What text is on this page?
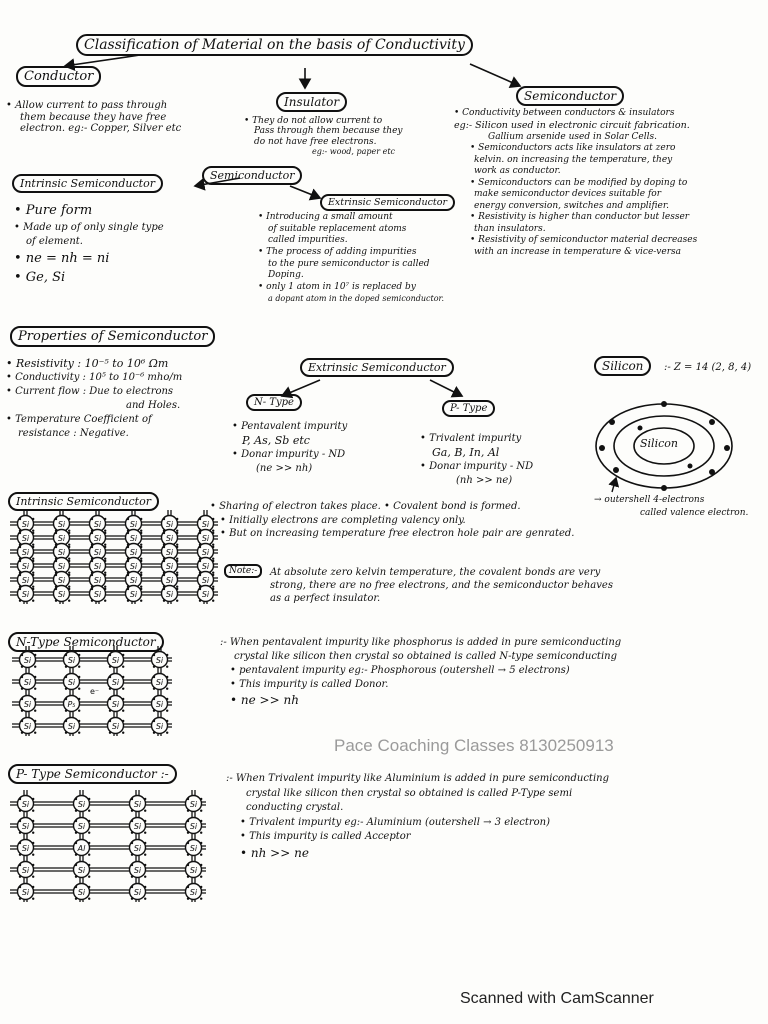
Classification of Material on the basis of Conductivity
Conductor
• Allow current to pass through
them because they have free
electron. eg:- Copper, Silver etc
Insulator
• They do not allow current to
Pass through them because they
do not have free electrons.
eg:- wood, paper etc
Semiconductor
• Conductivity between conductors & insulators
eg:- Silicon used in electronic circuit fabrication.
Gallium arsenide used in Solar Cells.
• Semiconductors acts like insulators at zero
kelvin. on increasing the temperature, they
work as conductor.
• Semiconductors can be modified by doping to
make semiconductor devices suitable for
energy conversion, switches and amplifier.
• Resistivity is higher than conductor but lesser
than insulators.
• Resistivity of semiconductor material decreases
with an increase in temperature & vice-versa
Semiconductor
Intrinsic Semiconductor
• Pure form
• Made up of only single type
of element.
• ne = nh = ni
• Ge, Si
Extrinsic Semiconductor
• Introducing a small amount
of suitable replacement atoms
called impurities.
• The process of adding impurities
to the pure semiconductor is called
Doping.
• only 1 atom in 10⁷ is replaced by
a dopant atom in the doped semiconductor.
Properties of Semiconductor
• Resistivity : 10⁻⁵ to 10⁶ Ωm
• Conductivity : 10⁵ to 10⁻⁶ mho/m
• Current flow : Due to electrons
and Holes.
• Temperature Coefficient of
resistance : Negative.
Extrinsic Semiconductor
N- Type
• Pentavalent impurity
P, As, Sb etc
• Donar impurity - ND
(ne >> nh)
P- Type
• Trivalent impurity
Ga, B, In, Al
• Donar impurity - ND
(nh >> ne)
Silicon	:- Z = 14 (2, 8, 4)
Silicon
→ outershell 4-electrons
called valence electron.
Intrinsic Semiconductor	• Sharing of electron takes place. • Covalent bond is formed.
• Initially electrons are completing valency only.
• But on increasing temperature free electron hole pair are genrated.
Note:-	At absolute zero kelvin temperature, the covalent bonds are very
strong, there are no free electrons, and the semiconductor behaves
as a perfect insulator.
Si	Si	Si	Si	Si	Si
Si	Si	Si	Si	Si	Si
Si	Si	Si	Si	Si	Si
Si	Si	Si	Si	Si	Si
Si	Si	Si	Si	Si	Si
Si	Si	Si	Si	Si	Si
N-Type Semiconductor	:- When pentavalent impurity like phosphorus is added in pure semiconducting
crystal like silicon then crystal so obtained is called N-type semiconducting
• pentavalent impurity eg:- Phosphorous (outershell → 5 electrons)
• This impurity is called Donor.
• ne >> nh
Si	Si	Si	Si
Si	Si	Si	Si
Si	P₅	Si	Si
Si	Si	Si	Si
e⁻
Pace Coaching Classes 8130250913
P- Type Semiconductor :-	:- When Trivalent impurity like Aluminium is added in pure semiconducting
crystal like silicon then crystal so obtained is called P-Type semi
conducting crystal.
• Trivalent impurity eg:- Aluminium (outershell → 3 electron)
• This impurity is called Acceptor
• nh >> ne
Si	Si	Si	Si
Si	Si	Si	Si
Si	Al	Si	Si
Si	Si	Si	Si
Si	Si	Si	Si
Scanned with CamScanner
